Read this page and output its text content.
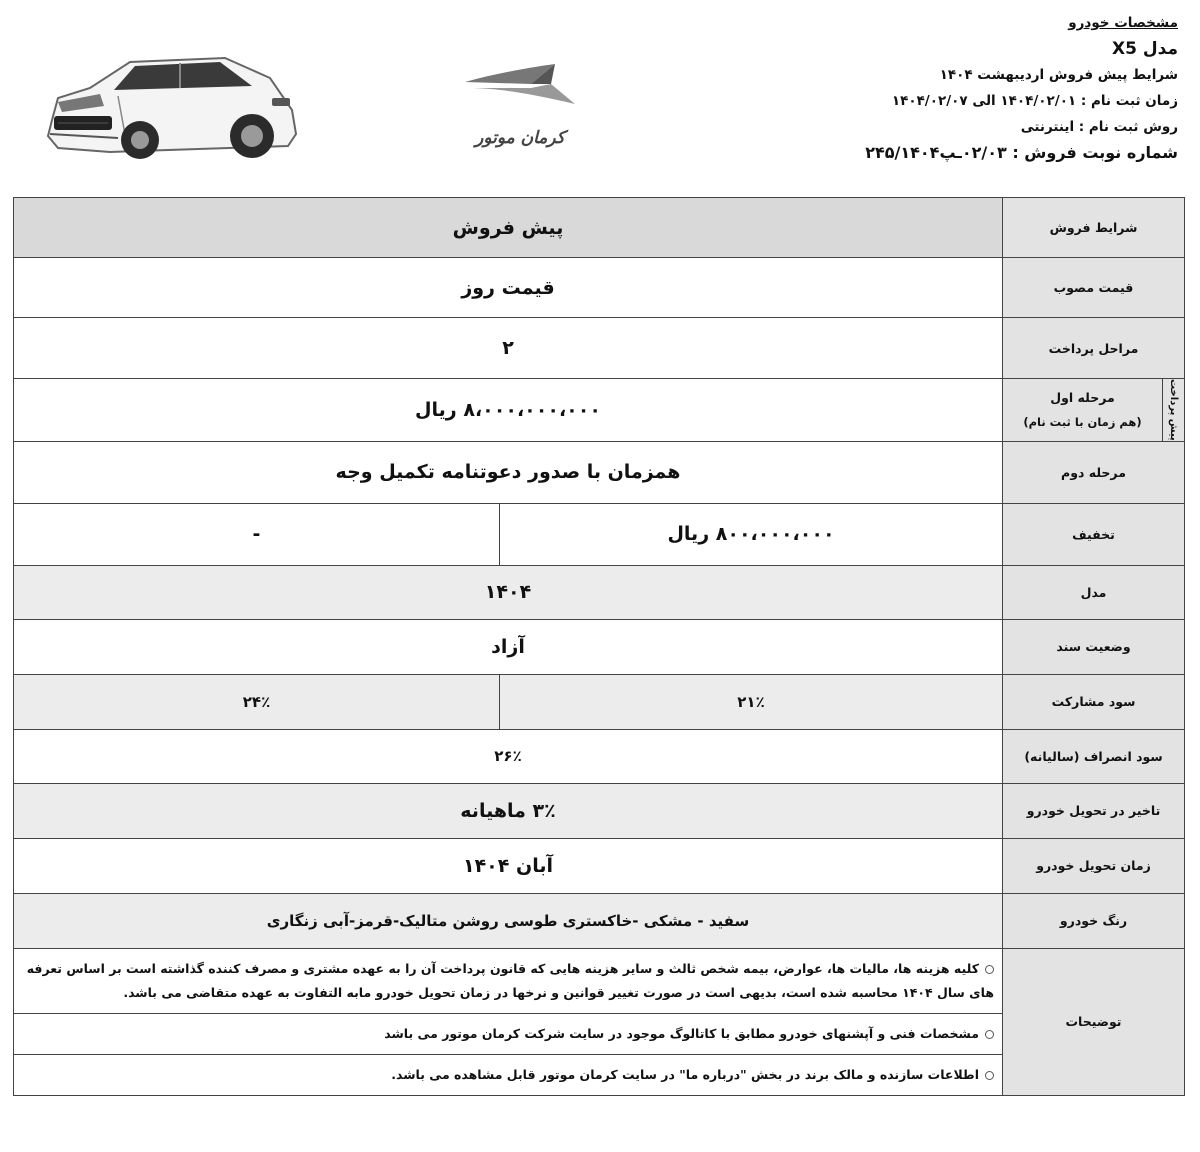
مشخصات خودرو
مدل X5
شرایط پیش فروش اردیبهشت ۱۴۰۴
زمان ثبت نام : ۱۴۰۴/۰۲/۰۱ الی ۱۴۰۴/۰۲/۰۷
روش ثبت نام : اینترنتی
شماره نوبت فروش : ۰۲/۰۳ـپ۲۴۵/۱۴۰۴
کرمان موتور
شرایط فروش		پیش فروش	
قیمت مصوب		قیمت روز	
مراحل پرداخت		۲	
پیش پرداخت	مرحله اول
(هم زمان با ثبت نام)	۸،۰۰۰،۰۰۰،۰۰۰ ریال	
مرحله دوم		همزمان با صدور دعوتنامه تکمیل وجه	
تخفیف		۸۰۰،۰۰۰،۰۰۰ ریال	-
مدل		۱۴۰۴	
وضعیت سند		آزاد	
سود مشارکت		۲۱٪	۲۴٪
سود انصراف (سالیانه)		۲۶٪	
تاخیر در تحویل خودرو		۳٪ ماهیانه	
زمان تحویل خودرو		آبان ۱۴۰۴	
رنگ خودرو		سفید - مشکی -خاکستری طوسی روشن متالیک-قرمز-آبی زنگاری	
توضیحات		کلیه هزینه ها، مالیات ها، عوارض، بیمه شخص ثالث و سایر هزینه هایی که قانون پرداخت آن را به عهده مشتری و مصرف کننده گذاشته است بر اساس تعرفه های سال ۱۴۰۴ محاسبه شده است، بدیهی است در صورت تغییر قوانین و نرخها در زمان تحویل خودرو مابه التفاوت به عهده متقاضی می باشد.
مشخصات فنی و آپشنهای خودرو مطابق با کاتالوگ موجود در سایت شرکت کرمان موتور می باشد
اطلاعات سازنده و مالک برند در بخش "درباره ما" در سایت کرمان موتور قابل مشاهده می باشد.	
